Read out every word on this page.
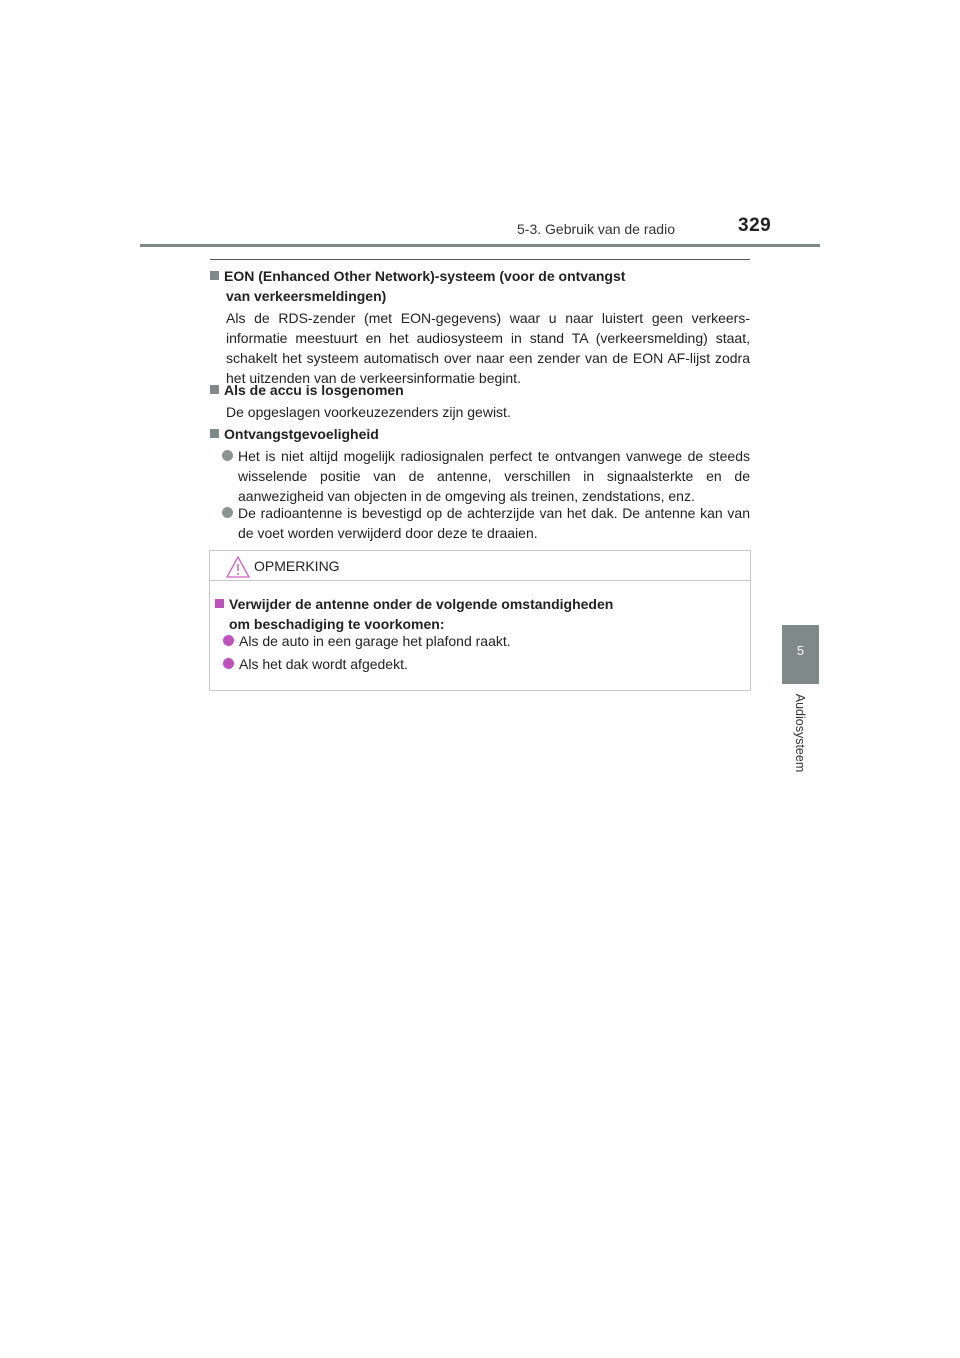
5-3. Gebruik van de radio	329
5
Audiosysteem
EON (Enhanced Other Network)-systeem (voor de ontvangst
van verkeersmeldingen)
Als de RDS-zender (met EON-gegevens) waar u naar luistert geen verkeers-informatie meestuurt en het audiosysteem in stand TA (verkeersmelding) staat, schakelt het systeem automatisch over naar een zender van de EON AF-lijst zodra het uitzenden van de verkeersinformatie begint.
Als de accu is losgenomen
De opgeslagen voorkeuzezenders zijn gewist.
Ontvangstgevoeligheid
Het is niet altijd mogelijk radiosignalen perfect te ontvangen vanwege de steeds wisselende positie van de antenne, verschillen in signaalsterkte en de aanwezigheid van objecten in de omgeving als treinen, zendstations, enz.
De radioantenne is bevestigd op de achterzijde van het dak. De antenne kan van de voet worden verwijderd door deze te draaien.
OPMERKING
Verwijder de antenne onder de volgende omstandigheden
om beschadiging te voorkomen:
Als de auto in een garage het plafond raakt.
Als het dak wordt afgedekt.
